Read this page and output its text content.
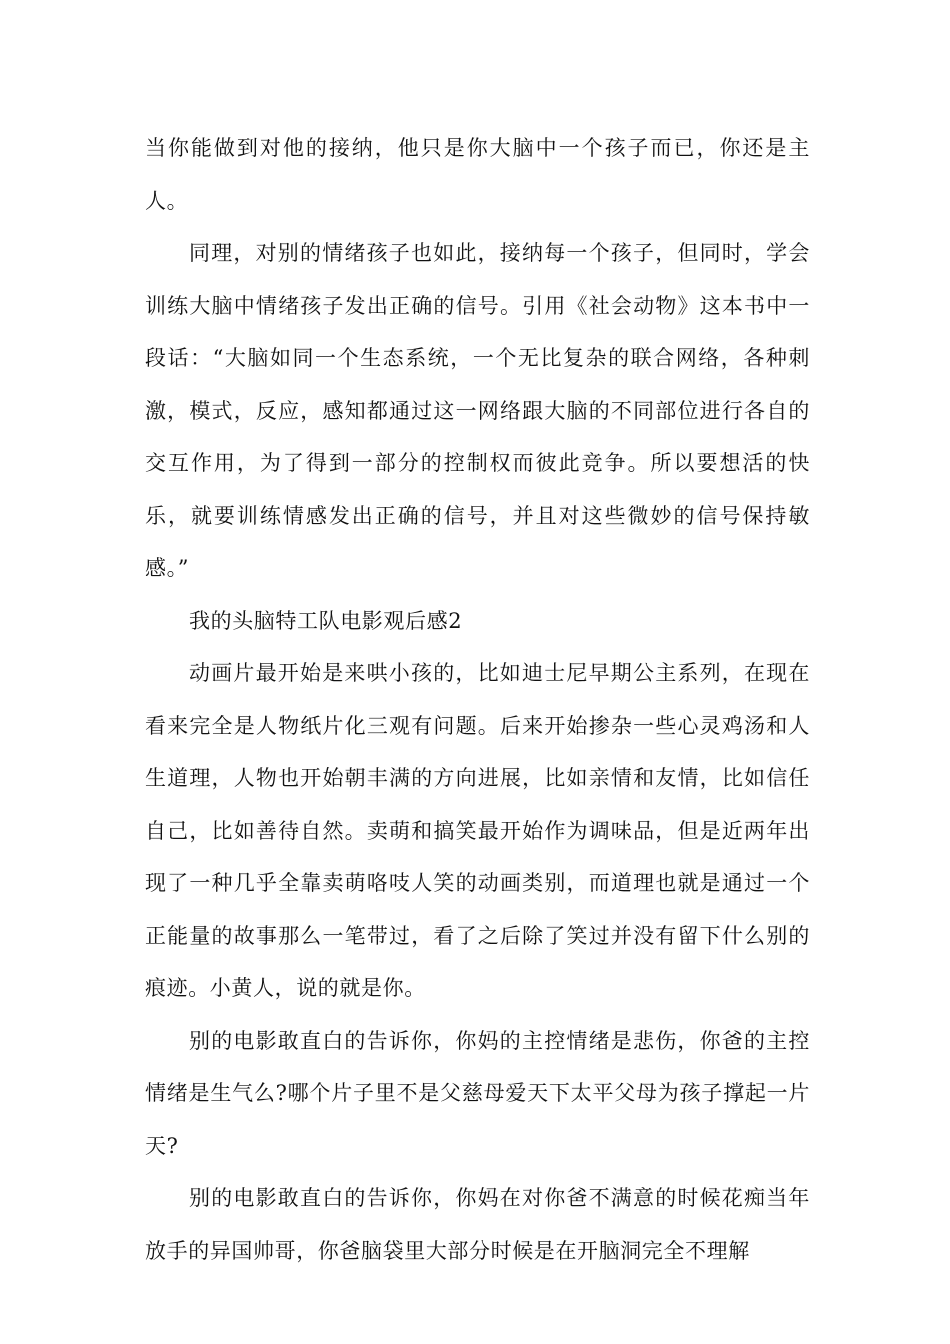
当你能做到对他的接纳，他只是你大脑中一个孩子而已，你还是主人。

同理，对别的情绪孩子也如此，接纳每一个孩子，但同时，学会训练大脑中情绪孩子发出正确的信号。引用《社会动物》这本书中一段话：“大脑如同一个生态系统，一个无比复杂的联合网络，各种刺激，模式，反应，感知都通过这一网络跟大脑的不同部位进行各自的交互作用，为了得到一部分的控制权而彼此竞争。所以要想活的快乐，就要训练情感发出正确的信号，并且对这些微妙的信号保持敏感。”

我的头脑特工队电影观后感2

动画片最开始是来哄小孩的，比如迪士尼早期公主系列，在现在看来完全是人物纸片化三观有问题。后来开始掺杂一些心灵鸡汤和人生道理，人物也开始朝丰满的方向进展，比如亲情和友情，比如信任自己，比如善待自然。卖萌和搞笑最开始作为调味品，但是近两年出现了一种几乎全靠卖萌咯吱人笑的动画类别，而道理也就是通过一个正能量的故事那么一笔带过，看了之后除了笑过并没有留下什么别的痕迹。小黄人，说的就是你。

别的电影敢直白的告诉你，你妈的主控情绪是悲伤，你爸的主控情绪是生气么?哪个片子里不是父慈母爱天下太平父母为孩子撑起一片天?

别的电影敢直白的告诉你，你妈在对你爸不满意的时候花痴当年放手的异国帅哥，你爸脑袋里大部分时候是在开脑洞完全不理解
